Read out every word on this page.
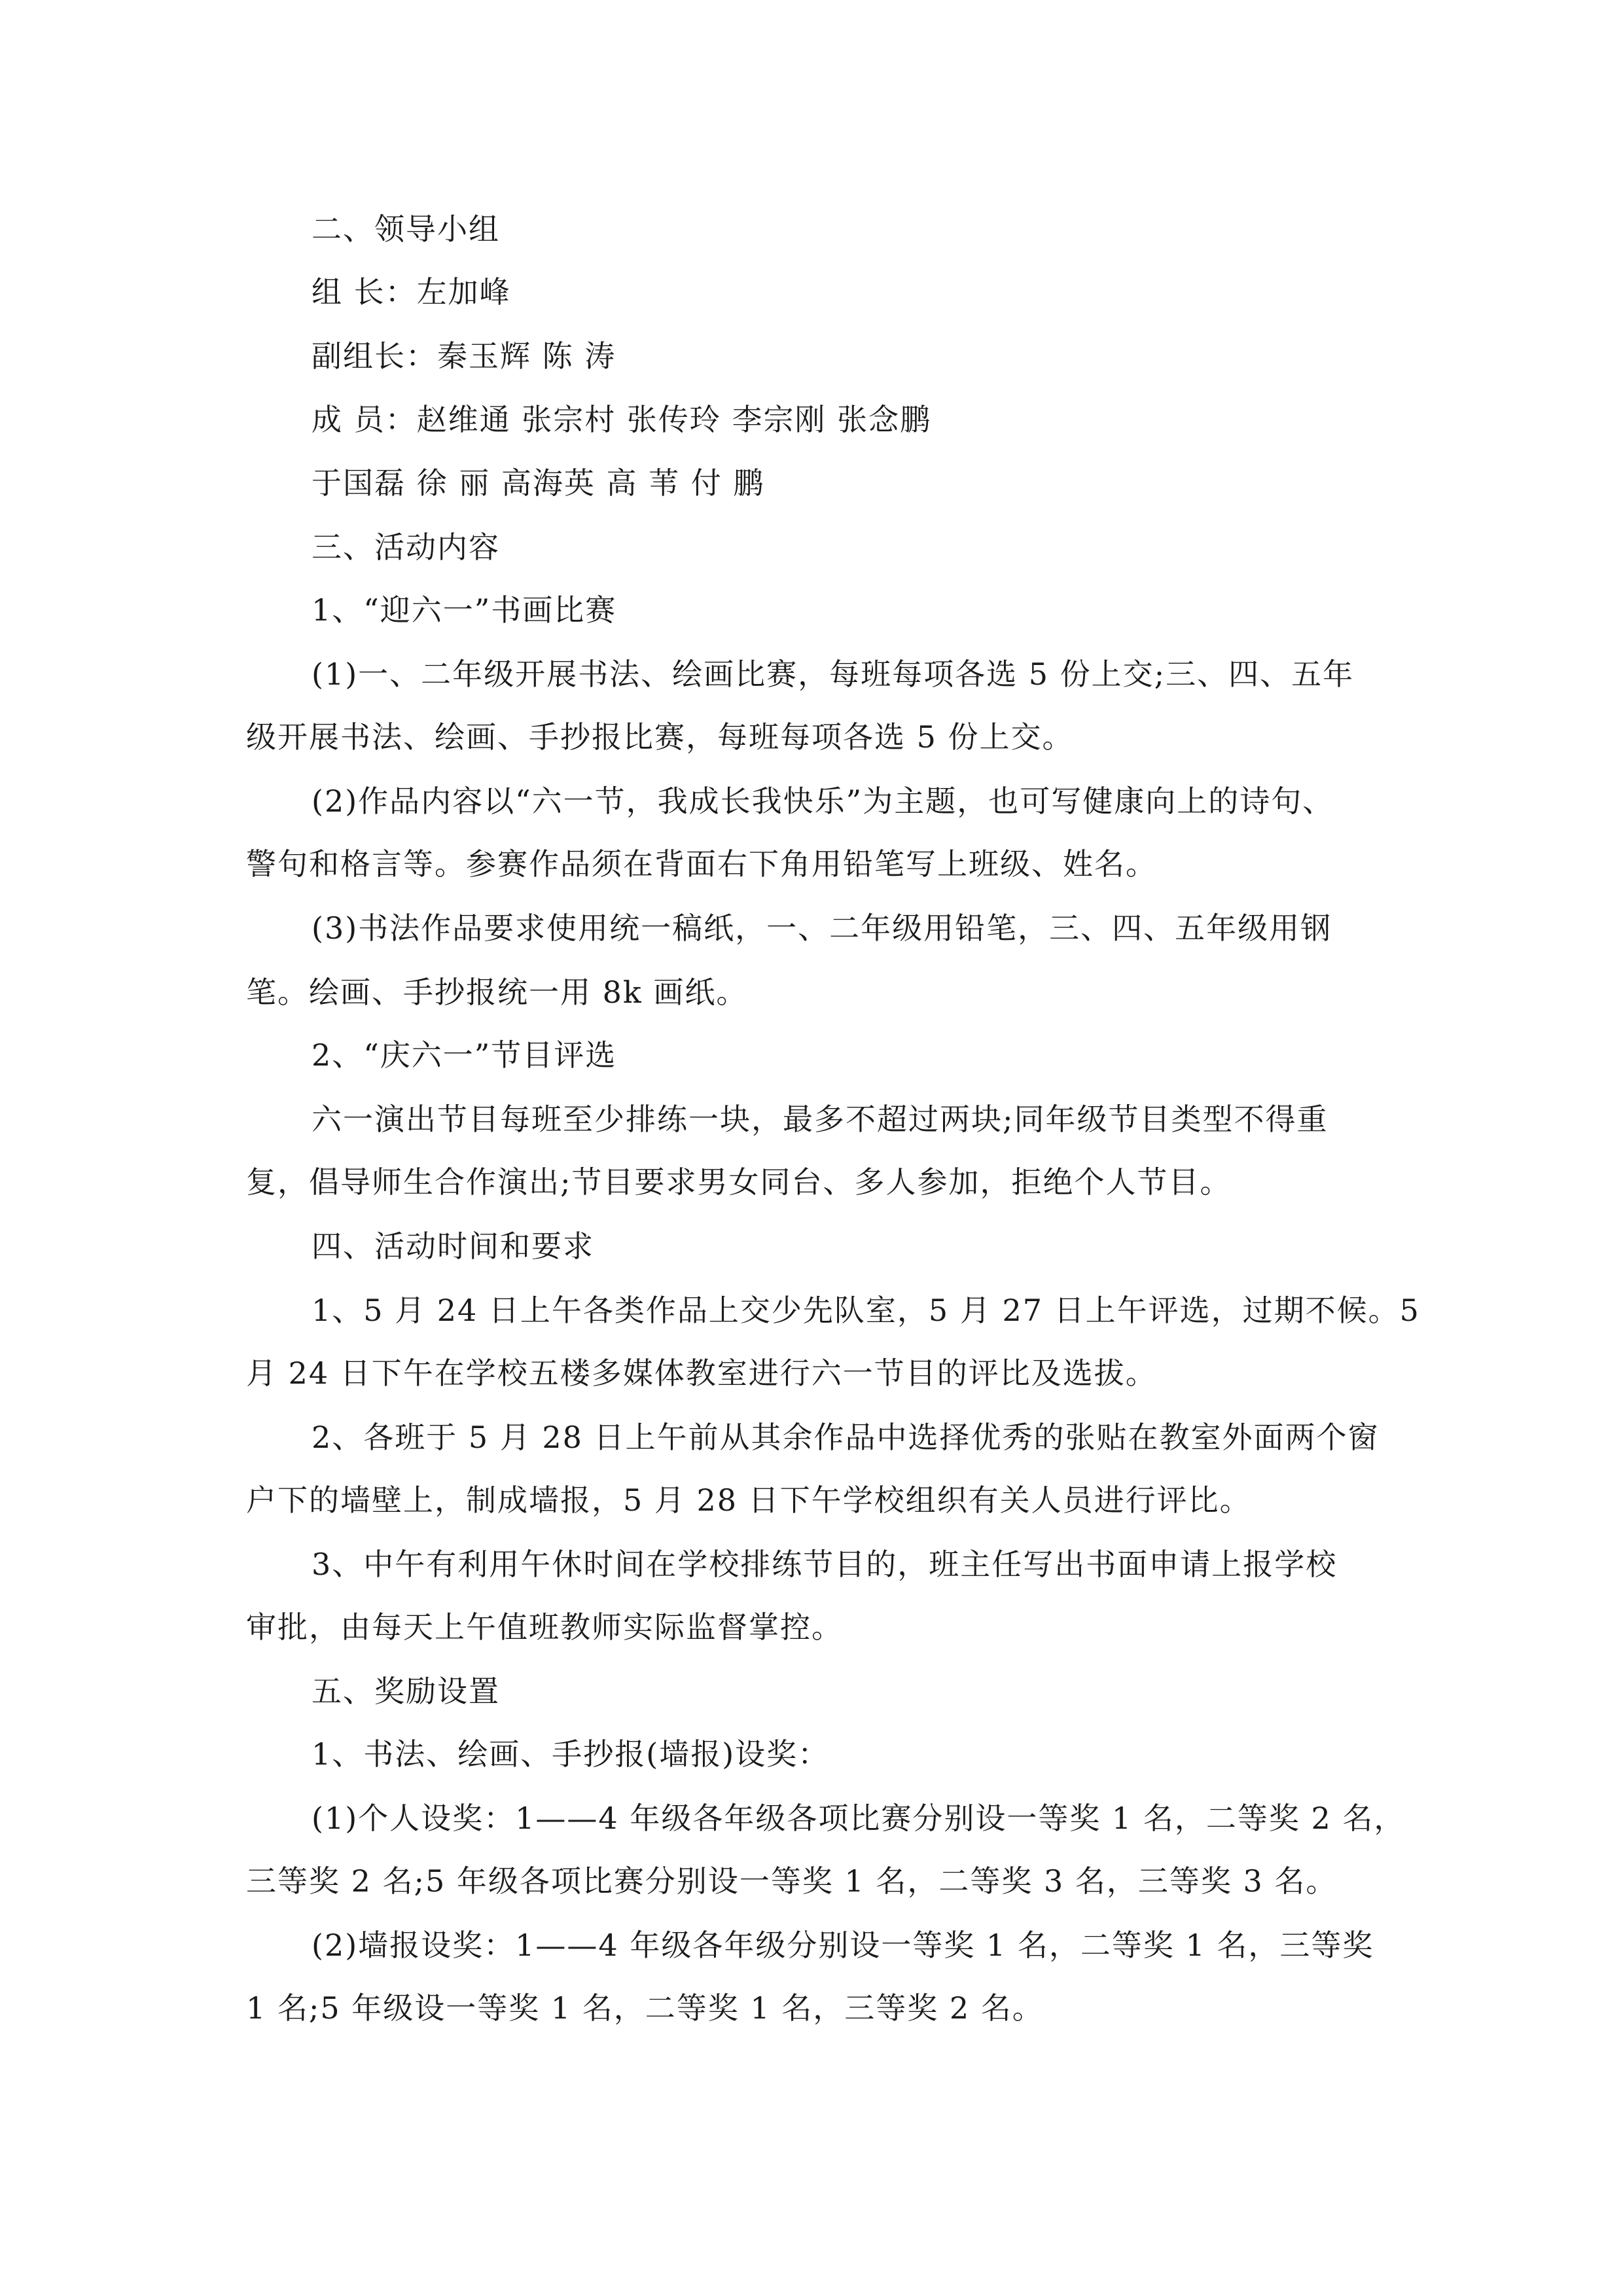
二、领导小组
组 长：左加峰
副组长：秦玉辉 陈 涛
成 员：赵维通 张宗村 张传玲 李宗刚 张念鹏
于国磊 徐 丽 高海英 高 苇 付 鹏
三、活动内容
1、“迎六一”书画比赛
(1)一、二年级开展书法、绘画比赛，每班每项各选 5 份上交;三、四、五年
级开展书法、绘画、手抄报比赛，每班每项各选 5 份上交。
(2)作品内容以“六一节，我成长我快乐”为主题，也可写健康向上的诗句、
警句和格言等。参赛作品须在背面右下角用铅笔写上班级、姓名。
(3)书法作品要求使用统一稿纸，一、二年级用铅笔，三、四、五年级用钢
笔。绘画、手抄报统一用 8k 画纸。
2、“庆六一”节目评选
六一演出节目每班至少排练一块，最多不超过两块;同年级节目类型不得重
复，倡导师生合作演出;节目要求男女同台、多人参加，拒绝个人节目。
四、活动时间和要求
1、5 月 24 日上午各类作品上交少先队室，5 月 27 日上午评选，过期不候。5
月 24 日下午在学校五楼多媒体教室进行六一节目的评比及选拔。
2、各班于 5 月 28 日上午前从其余作品中选择优秀的张贴在教室外面两个窗
户下的墙壁上，制成墙报，5 月 28 日下午学校组织有关人员进行评比。
3、中午有利用午休时间在学校排练节目的，班主任写出书面申请上报学校
审批，由每天上午值班教师实际监督掌控。
五、奖励设置
1、书法、绘画、手抄报(墙报)设奖：
(1)个人设奖：1——4 年级各年级各项比赛分别设一等奖 1 名，二等奖 2 名，
三等奖 2 名;5 年级各项比赛分别设一等奖 1 名，二等奖 3 名，三等奖 3 名。
(2)墙报设奖：1——4 年级各年级分别设一等奖 1 名，二等奖 1 名，三等奖
1 名;5 年级设一等奖 1 名，二等奖 1 名，三等奖 2 名。
